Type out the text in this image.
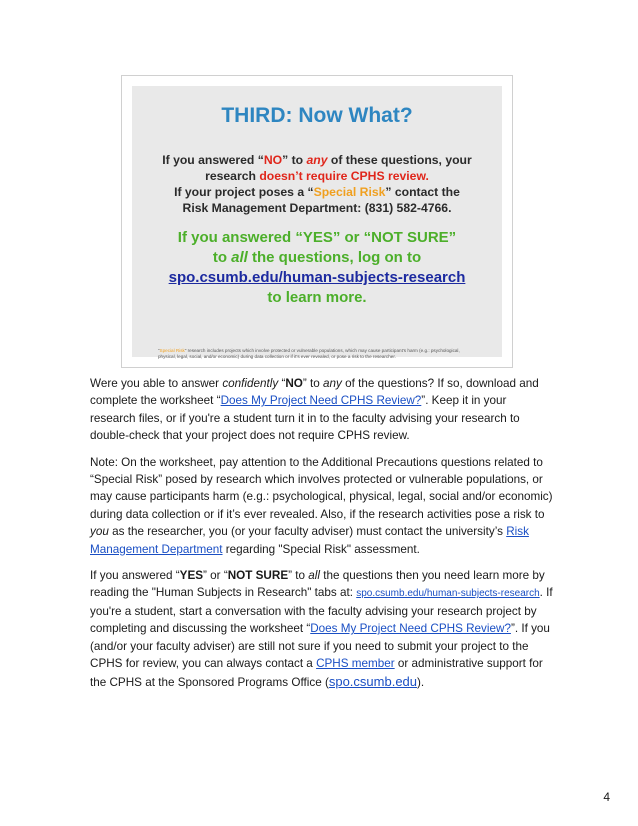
THIRD: Now What?
If you answered “NO” to any of these questions, your
research doesn’t require CPHS review.
If your project poses a “Special Risk” contact the
Risk Management Department: (831) 582-4766.
If you answered “YES” or “NOT SURE”
to all the questions, log on to
spo.csumb.edu/human-subjects-research
to learn more.
“Special Risk” research includes projects which involve protected or vulnerable populations, which may cause participant’s harm (e.g.: psychological, physical, legal, social, and/or economic) during data collection or if it’s ever revealed, or pose a risk to the researcher.

Were you able to answer confidently “NO” to any of the questions? If so, download and complete the worksheet “Does My Project Need CPHS Review?”. Keep it in your research files, or if you're a student turn it in to the faculty advising your research to double-check that your project does not require CPHS review.

Note: On the worksheet, pay attention to the Additional Precautions questions related to “Special Risk” posed by research which involves protected or vulnerable populations, or may cause participants harm (e.g.: psychological, physical, legal, social and/or economic) during data collection or if it’s ever revealed. Also, if the research activities pose a risk to you as the researcher, you (or your faculty adviser) must contact the university’s Risk Management Department regarding "Special Risk" assessment.

If you answered “YES” or “NOT SURE” to all the questions then you need learn more by reading the "Human Subjects in Research" tabs at: spo.csumb.edu/human-subjects-research. If you're a student, start a conversation with the faculty advising your research project by completing and discussing the worksheet “Does My Project Need CPHS Review?”. If you (and/or your faculty adviser) are still not sure if you need to submit your project to the CPHS for review, you can always contact a CPHS member or administrative support for the CPHS at the Sponsored Programs Office (spo.csumb.edu).

4
